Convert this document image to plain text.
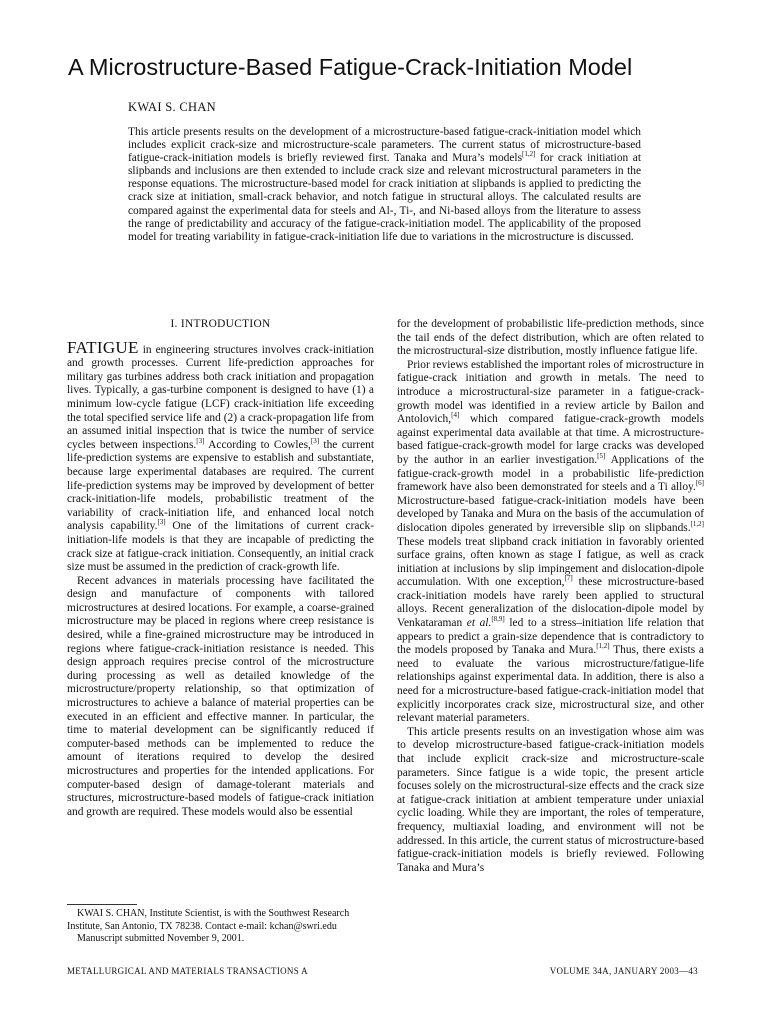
A Microstructure-Based Fatigue-Crack-Initiation Model
KWAI S. CHAN
This article presents results on the development of a microstructure-based fatigue-crack-initiation model which includes explicit crack-size and microstructure-scale parameters. The current status of microstructure-based fatigue-crack-initiation models is briefly reviewed first. Tanaka and Mura’s models[1,2] for crack initiation at slipbands and inclusions are then extended to include crack size and relevant microstructural parameters in the response equations. The microstructure-based model for crack initiation at slipbands is applied to predicting the crack size at initiation, small-crack behavior, and notch fatigue in structural alloys. The calculated results are compared against the experimental data for steels and Al-, Ti-, and Ni-based alloys from the literature to assess the range of predictability and accuracy of the fatigue-crack-initiation model. The applicability of the proposed model for treating variability in fatigue-crack-initiation life due to variations in the microstructure is discussed.
I. INTRODUCTION

FATIGUE in engineering structures involves crack-initiation and growth processes. Current life-prediction approaches for military gas turbines address both crack initiation and propagation lives. Typically, a gas-turbine component is designed to have (1) a minimum low-cycle fatigue (LCF) crack-initiation life exceeding the total specified service life and (2) a crack-propagation life from an assumed initial inspection that is twice the number of service cycles between inspections.[3] According to Cowles,[3] the current life-prediction systems are expensive to establish and substantiate, because large experimental databases are required. The current life-prediction systems may be improved by development of better crack-initiation-life models, probabilistic treatment of the variability of crack-initiation life, and enhanced local notch analysis capability.[3] One of the limitations of current crack-initiation-life models is that they are incapable of predicting the crack size at fatigue-crack initiation. Consequently, an initial crack size must be assumed in the prediction of crack-growth life.

Recent advances in materials processing have facilitated the design and manufacture of components with tailored microstructures at desired locations. For example, a coarse-grained microstructure may be placed in regions where creep resistance is desired, while a fine-grained microstructure may be introduced in regions where fatigue-crack-initiation resistance is needed. This design approach requires precise control of the microstructure during processing as well as detailed knowledge of the microstructure/property relationship, so that optimization of microstructures to achieve a balance of material properties can be executed in an efficient and effective manner. In particular, the time to material development can be significantly reduced if computer-based methods can be implemented to reduce the amount of iterations required to develop the desired microstructures and properties for the intended applications. For computer-based design of damage-tolerant materials and structures, microstructure-based models of fatigue-crack initiation and growth are required. These models would also be essential

for the development of probabilistic life-prediction methods, since the tail ends of the defect distribution, which are often related to the microstructural-size distribution, mostly influence fatigue life.

Prior reviews established the important roles of microstructure in fatigue-crack initiation and growth in metals. The need to introduce a microstructural-size parameter in a fatigue-crack-growth model was identified in a review article by Bailon and Antolovich,[4] which compared fatigue-crack-growth models against experimental data available at that time. A microstructure-based fatigue-crack-growth model for large cracks was developed by the author in an earlier investigation.[5] Applications of the fatigue-crack-growth model in a probabilistic life-prediction framework have also been demonstrated for steels and a Ti alloy.[6] Microstructure-based fatigue-crack-initiation models have been developed by Tanaka and Mura on the basis of the accumulation of dislocation dipoles generated by irreversible slip on slipbands.[1,2] These models treat slipband crack initiation in favorably oriented surface grains, often known as stage I fatigue, as well as crack initiation at inclusions by slip impingement and dislocation-dipole accumulation. With one exception,[7] these microstructure-based crack-initiation models have rarely been applied to structural alloys. Recent generalization of the dislocation-dipole model by Venkataraman et al.[8,9] led to a stress–initiation life relation that appears to predict a grain-size dependence that is contradictory to the models proposed by Tanaka and Mura.[1,2] Thus, there exists a need to evaluate the various microstructure/fatigue-life relationships against experimental data. In addition, there is also a need for a microstructure-based fatigue-crack-initiation model that explicitly incorporates crack size, microstructural size, and other relevant material parameters.

This article presents results on an investigation whose aim was to develop microstructure-based fatigue-crack-initiation models that include explicit crack-size and microstructure-scale parameters. Since fatigue is a wide topic, the present article focuses solely on the microstructural-size effects and the crack size at fatigue-crack initiation at ambient temperature under uniaxial cyclic loading. While they are important, the roles of temperature, frequency, multiaxial loading, and environment will not be addressed. In this article, the current status of microstructure-based fatigue-crack-initiation models is briefly reviewed. Following Tanaka and Mura’s

KWAI S. CHAN, Institute Scientist, is with the Southwest Research Institute, San Antonio, TX 78238. Contact e-mail: kchan@swri.edu

Manuscript submitted November 9, 2001.

METALLURGICAL AND MATERIALS TRANSACTIONS A	VOLUME 34A, JANUARY 2003—43
